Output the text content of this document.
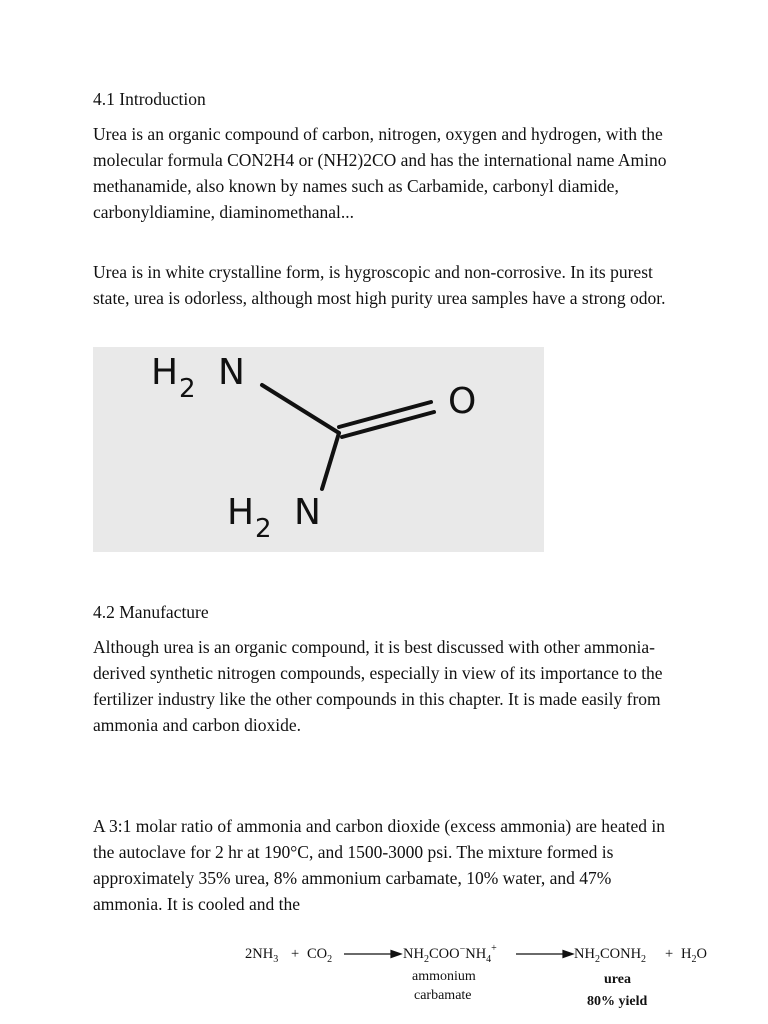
4.1 Introduction

Urea is an organic compound of carbon, nitrogen, oxygen and hydrogen, with the molecular formula CON2H4 or (NH2)2CO and has the international name Amino methanamide, also known by names such as Carbamide, carbonyl diamide, carbonyldiamine, diaminomethanal...

Urea is in white crystalline form, is hygroscopic and non-corrosive. In its purest state, urea is odorless, although most high purity urea samples have a strong odor.

H 2 N
H 2 N
O
4.2 Manufacture

Although urea is an organic compound, it is best discussed with other ammonia-derived synthetic nitrogen compounds, especially in view of its importance to the fertilizer industry like the other compounds in this chapter. It is made easily from ammonia and carbon dioxide.

A 3:1 molar ratio of ammonia and carbon dioxide (excess ammonia) are heated in the autoclave for 2 hr at 190°C, and 1500-3000 psi. The mixture formed is approximately 35% urea, 8% ammonium carbamate, 10% water, and 47% ammonia. It is cooled and the

$2NH_3 + CO_2$	$NH_2COO^-NH_4^+$
ammonium
carbamate
$NH_2CONH_2 + H_2O$
urea
80% yield
